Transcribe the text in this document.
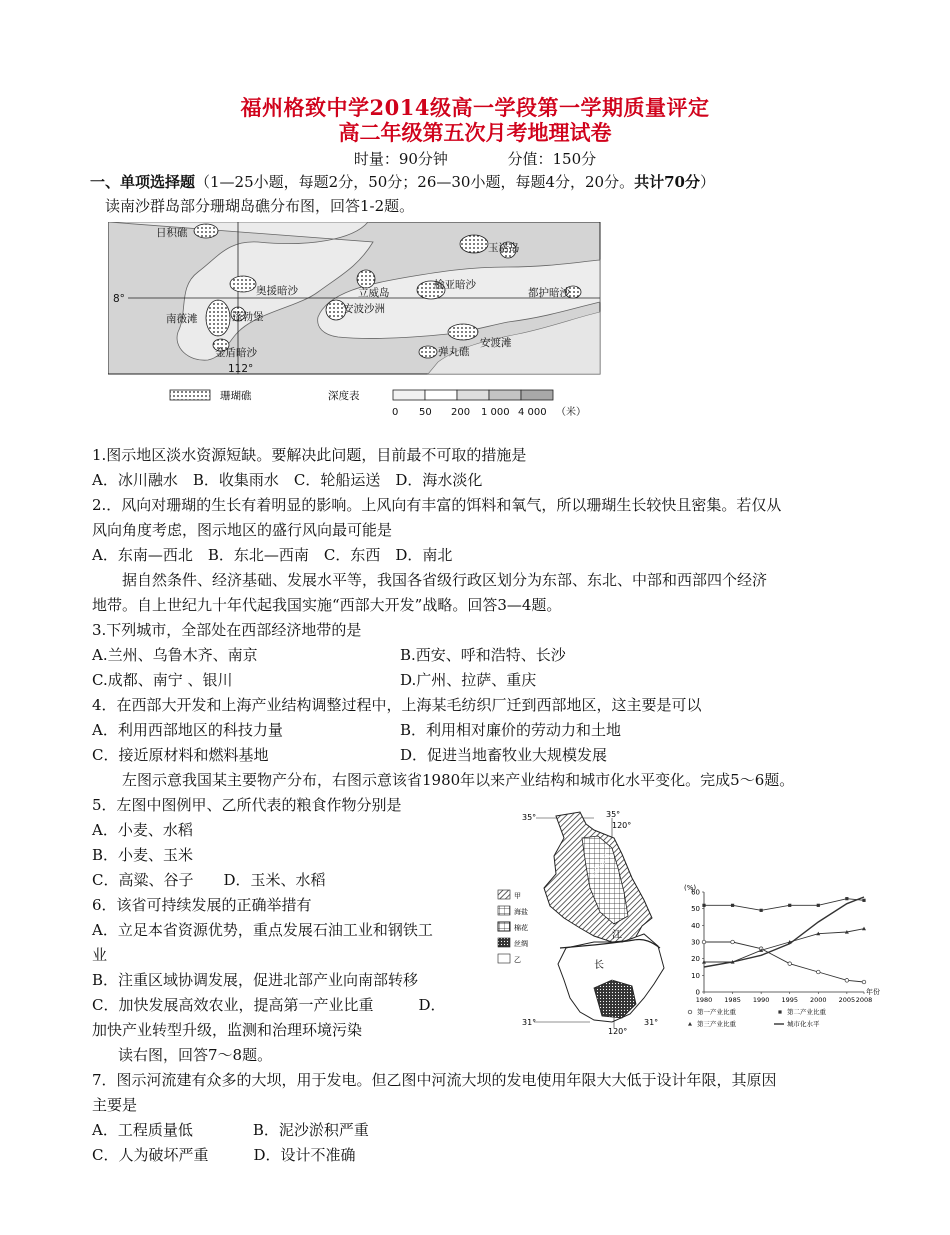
福州格致中学2014级高一学段第一学期质量评定
高二年级第五次月考地理试卷
时量：90分钟	分值：150分
一、单项选择题（1—25小题，每题2分，50分；26—30小题，每题4分，20分。共计70分）
读南沙群岛部分珊瑚岛礁分布图，回答1-2题。
日积礁
玉诺岛
奥援暗沙	立威岛
榆亚暗沙
都护暗沙
南薇滩	蓬勃堡
安波沙洲
金盾暗沙	弹丸礁
安渡滩
8°
112°
珊瑚礁	深度表
0 50 200 1 000 4 000 （米）
1.图示地区淡水资源短缺。要解决此问题，目前最不可取的措施是
A．冰川融水　B．收集雨水　C．轮船运送　D．海水淡化
2.．风向对珊瑚的生长有着明显的影响。上风向有丰富的饵料和氧气，所以珊瑚生长较快且密集。若仅从
风向角度考虑，图示地区的盛行风向最可能是
A．东南—西北　B．东北—西南　C．东西　D．南北
据自然条件、经济基础、发展水平等，我国各省级行政区划分为东部、东北、中部和西部四个经济
地带。自上世纪九十年代起我国实施“西部大开发”战略。回答3—4题。
3.下列城市，全部处在西部经济地带的是
A.兰州、乌鲁木齐、南京	B.西安、呼和浩特、长沙
C.成都、南宁 、银川	D.广州、拉萨、重庆
4．在西部大开发和上海产业结构调整过程中，上海某毛纺织厂迁到西部地区，这主要是可以
A．利用西部地区的科技力量	B．利用相对廉价的劳动力和土地
C．接近原材料和燃料基地	D．促进当地畜牧业大规模发展
左图示意我国某主要物产分布，右图示意该省1980年以来产业结构和城市化水平变化。完成5～6题。
5．左图中图例甲、乙所代表的粮食作物分别是
A．小麦、水稻
B．小麦、玉米
C．高粱、谷子　　D．玉米、水稻
6．该省可持续发展的正确举措有
A．立足本省资源优势，重点发展石油工业和钢铁工
业
B．注重区域协调发展，促进北部产业向南部转移
C．加快发展高效农业，提高第一产业比重　　　D．
加快产业转型升级，监测和治理环境污染
读右图，回答7～8题。
7．图示河流建有众多的大坝，用于发电。但乙图中河流大坝的发电使用年限大大低于设计年限，其原因
主要是
A．工程质量低　　　　B．泥沙淤积严重
C．人为破坏严重　　　D．设计不准确
35°	35°
120°
江
长
京杭运河
31°	31°
120°
甲
海盐
棉花
丝绸
乙
(%)
0
10
20
30
40
50
60
1980 1985 1990 1995 2000 2005 2008
年份
第一产业比重	第二产业比重
第三产业比重	城市化水平
